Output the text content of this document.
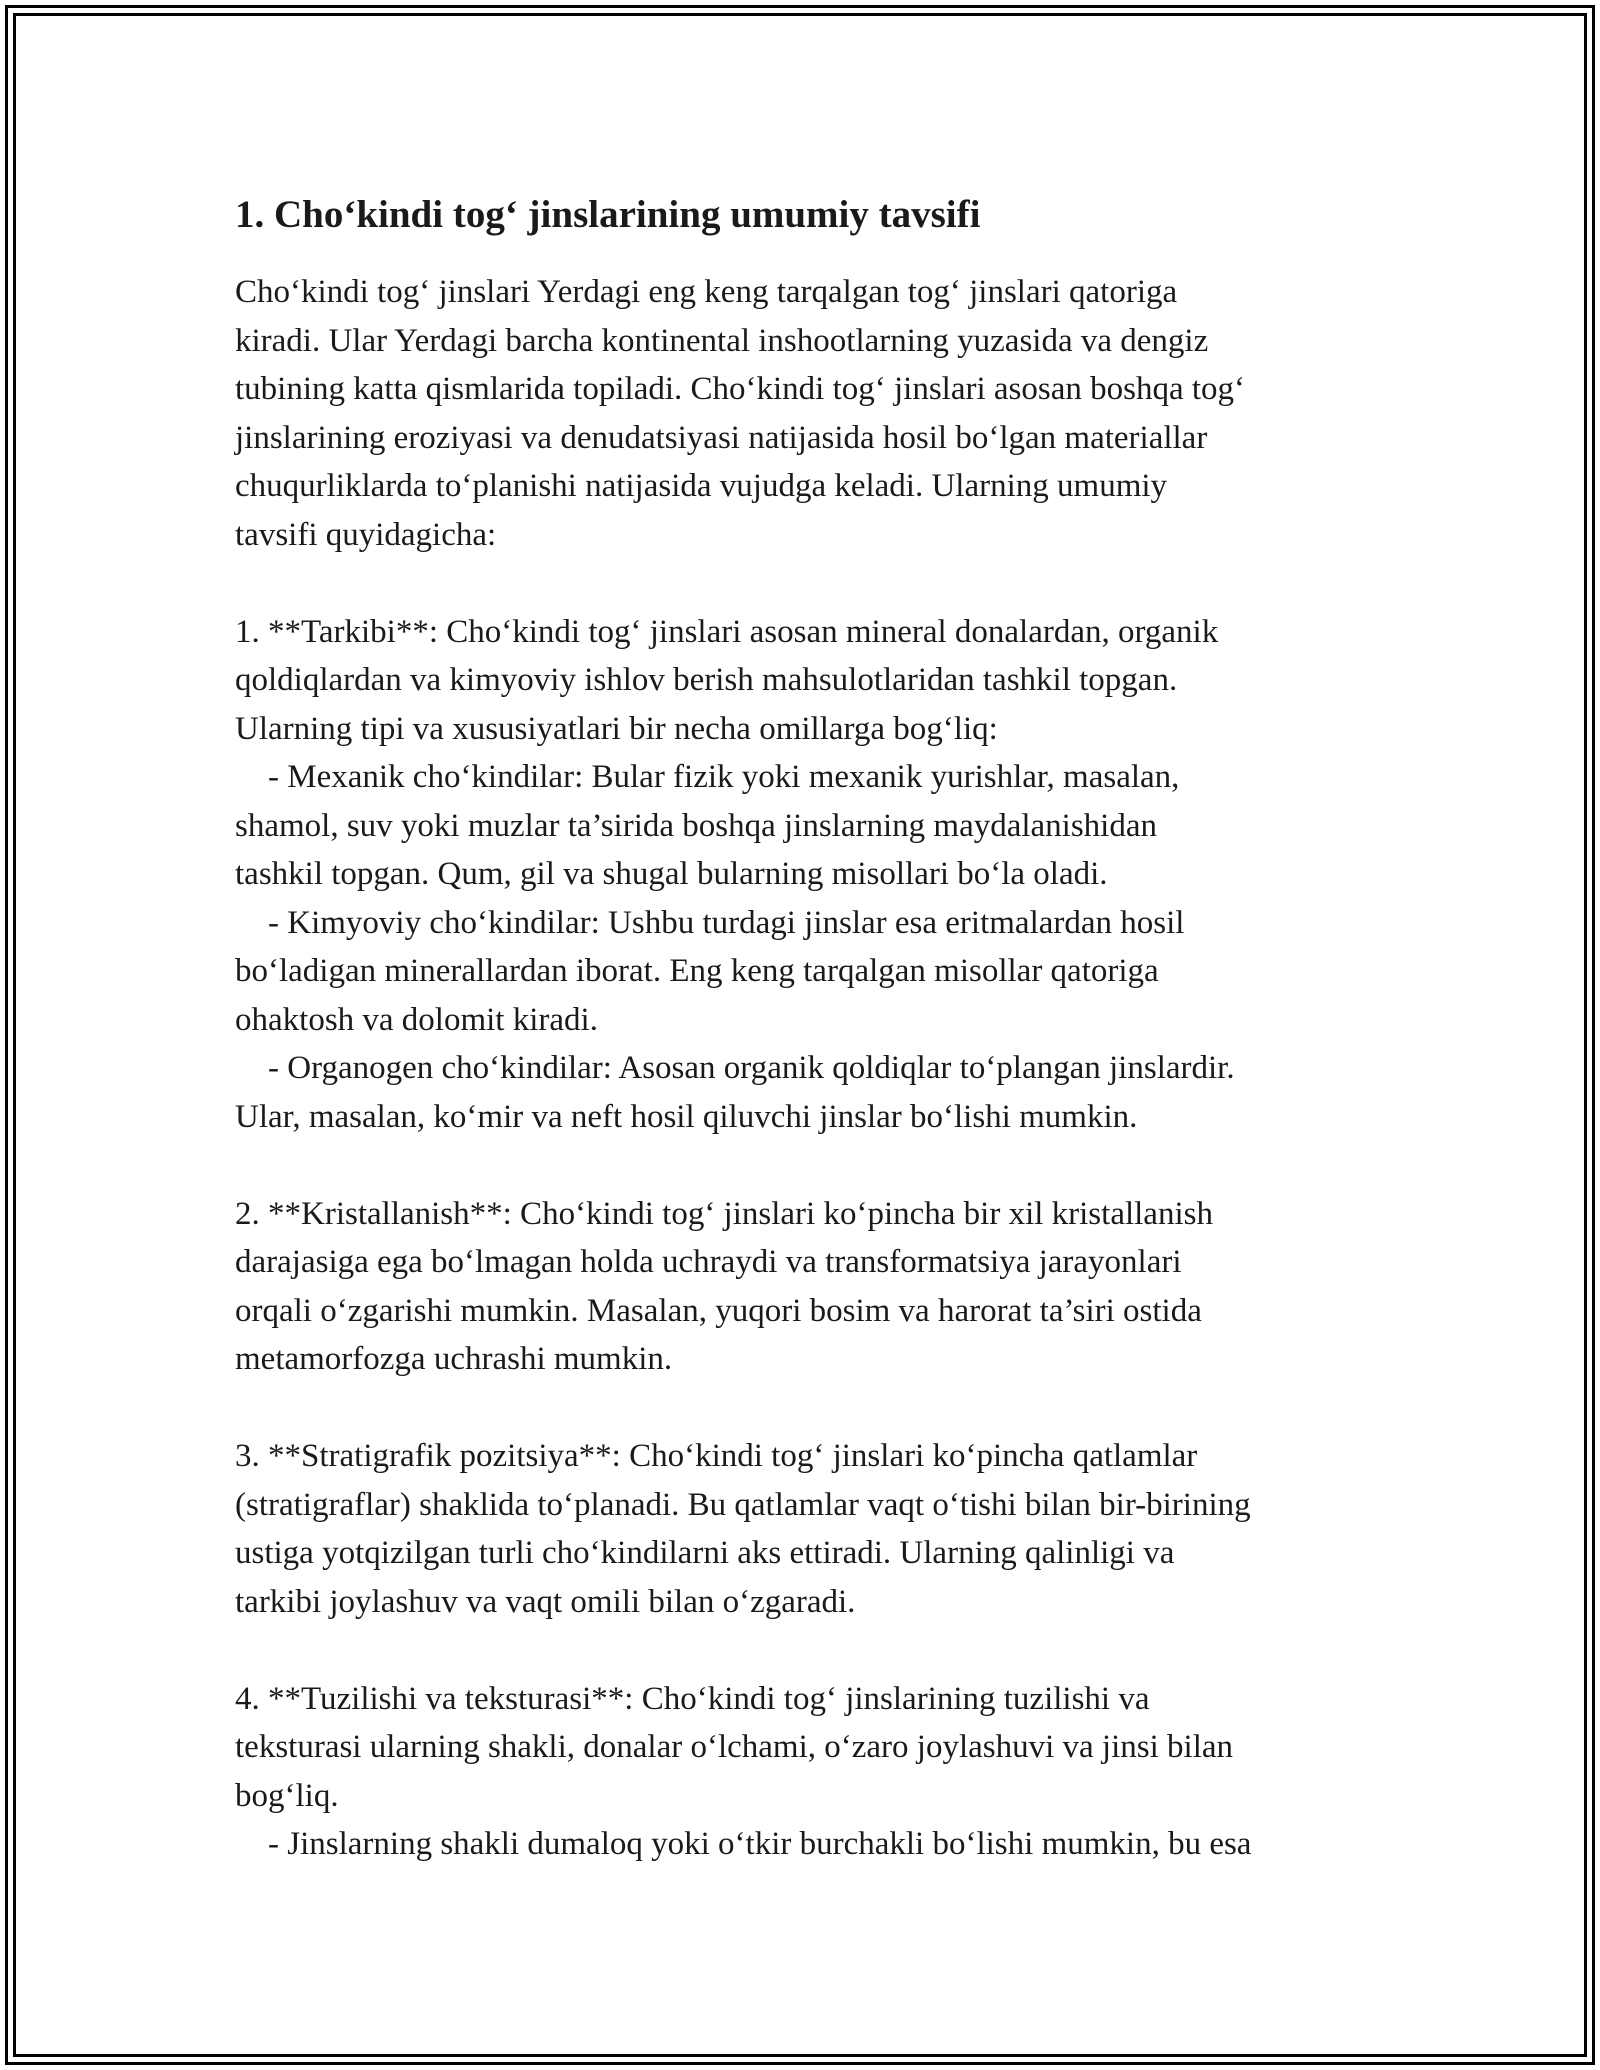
1. Cho‘kindi tog‘ jinslarining umumiy tavsifi

Cho‘kindi tog‘ jinslari Yerdagi eng keng tarqalgan tog‘ jinslari qatoriga
kiradi. Ular Yerdagi barcha kontinental inshootlarning yuzasida va dengiz
tubining katta qismlarida topiladi. Cho‘kindi tog‘ jinslari asosan boshqa tog‘
jinslarining eroziyasi va denudatsiyasi natijasida hosil bo‘lgan materiallar
chuqurliklarda to‘planishi natijasida vujudga keladi. Ularning umumiy
tavsifi quyidagicha:

1. **Tarkibi**: Cho‘kindi tog‘ jinslari asosan mineral donalardan, organik
qoldiqlardan va kimyoviy ishlov berish mahsulotlaridan tashkil topgan.
Ularning tipi va xususiyatlari bir necha omillarga bog‘liq:
- Mexanik cho‘kindilar: Bular fizik yoki mexanik yurishlar, masalan,
shamol, suv yoki muzlar ta’sirida boshqa jinslarning maydalanishidan
tashkil topgan. Qum, gil va shugal bularning misollari bo‘la oladi.
- Kimyoviy cho‘kindilar: Ushbu turdagi jinslar esa eritmalardan hosil
bo‘ladigan minerallardan iborat. Eng keng tarqalgan misollar qatoriga
ohaktosh va dolomit kiradi.
- Organogen cho‘kindilar: Asosan organik qoldiqlar to‘plangan jinslardir.
Ular, masalan, ko‘mir va neft hosil qiluvchi jinslar bo‘lishi mumkin.

2. **Kristallanish**: Cho‘kindi tog‘ jinslari ko‘pincha bir xil kristallanish
darajasiga ega bo‘lmagan holda uchraydi va transformatsiya jarayonlari
orqali o‘zgarishi mumkin. Masalan, yuqori bosim va harorat ta’siri ostida
metamorfozga uchrashi mumkin.

3. **Stratigrafik pozitsiya**: Cho‘kindi tog‘ jinslari ko‘pincha qatlamlar
(stratigraflar) shaklida to‘planadi. Bu qatlamlar vaqt o‘tishi bilan bir-birining
ustiga yotqizilgan turli cho‘kindilarni aks ettiradi. Ularning qalinligi va
tarkibi joylashuv va vaqt omili bilan o‘zgaradi.

4. **Tuzilishi va teksturasi**: Cho‘kindi tog‘ jinslarining tuzilishi va
teksturasi ularning shakli, donalar o‘lchami, o‘zaro joylashuvi va jinsi bilan
bog‘liq.
- Jinslarning shakli dumaloq yoki o‘tkir burchakli bo‘lishi mumkin, bu esa
